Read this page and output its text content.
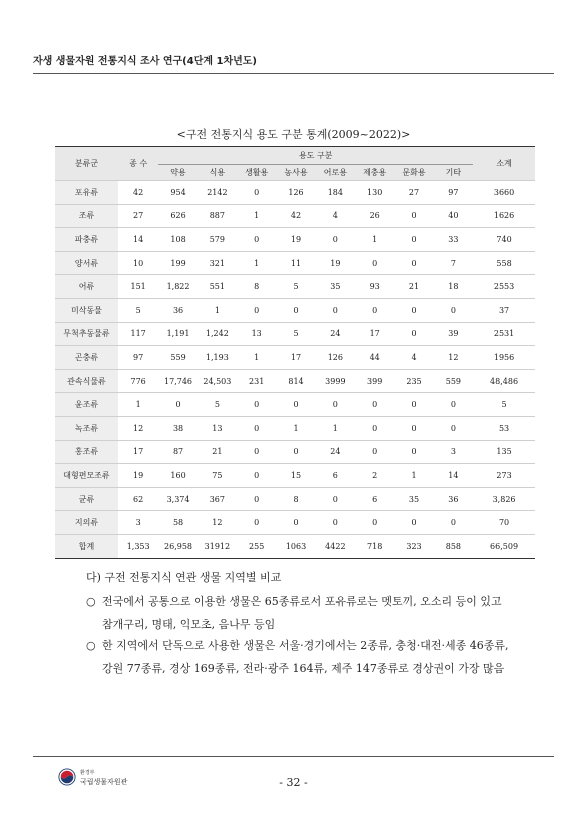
자생 생물자원 전통지식 조사 연구(4단계 1차년도)
<구전 전통지식 용도 구분 통계(2009~2022)>
분류군	종 수	용도 구분								소계
		약용	식용	생활용	농사용	어로용	제충용	문화용	기타	
포유류	42	954	2142	0	126	184	130	27	97	3660
조류	27	626	887	1	42	4	26	0	40	1626
파충류	14	108	579	0	19	0	1	0	33	740
양서류	10	199	321	1	11	19	0	0	7	558
어류	151	1,822	551	8	5	35	93	21	18	2553
미삭동물	5	36	1	0	0	0	0	0	0	37
무척추동물류	117	1,191	1,242	13	5	24	17	0	39	2531
곤충류	97	559	1,193	1	17	126	44	4	12	1956
관속식물류	776	17,746	24,503	231	814	3999	399	235	559	48,486
윤조류	1	0	5	0	0	0	0	0	0	5
녹조류	12	38	13	0	1	1	0	0	0	53
홍조류	17	87	21	0	0	24	0	0	3	135
대형편모조류	19	160	75	0	15	6	2	1	14	273
균류	62	3,374	367	0	8	0	6	35	36	3,826
지의류	3	58	12	0	0	0	0	0	0	70
합계	1,353	26,958	31912	255	1063	4422	718	323	858	66,509
다) 구전 전통지식 연관 생물 지역별 비교
○ 전국에서 공통으로 이용한 생물은 65종류로서 포유류로는 멧토끼, 오소리 등이 있고
참개구리, 명태, 익모초, 음나무 등임
○ 한 지역에서 단독으로 사용한 생물은 서울·경기에서는 2종류, 충청·대전·세종 46종류,
강원 77종류, 경상 169종류, 전라·광주 164류, 제주 147종류로 경상권이 가장 많음
환경부
국립생물자원관	- 32 -
